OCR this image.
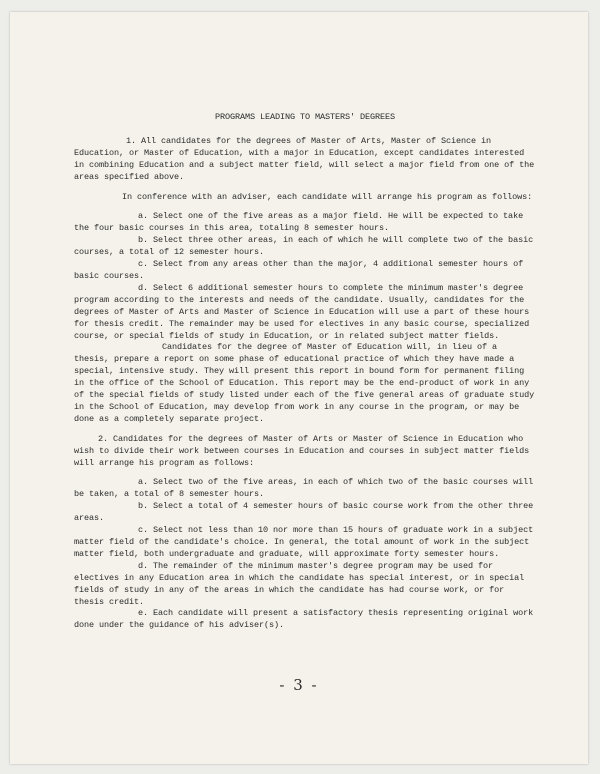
PROGRAMS LEADING TO MASTERS' DEGREES

1. All candidates for the degrees of Master of Arts, Master of Science in Education, or Master of Education, with a major in Education, except candidates interested in combining Education and a subject matter field, will select a major field from one of the areas specified above.

In conference with an adviser, each candidate will arrange his program as follows:

a. Select one of the five areas as a major field. He will be expected to take the four basic courses in this area, totaling 8 semester hours.

b. Select three other areas, in each of which he will complete two of the basic courses, a total of 12 semester hours.

c. Select from any areas other than the major, 4 additional semester hours of basic courses.

d. Select 6 additional semester hours to complete the minimum master's degree program according to the interests and needs of the candidate. Usually, candidates for the degrees of Master of Arts and Master of Science in Education will use a part of these hours for thesis credit. The remainder may be used for electives in any basic course, specialized course, or special fields of study in Education, or in related subject matter fields.

Candidates for the degree of Master of Education will, in lieu of a thesis, prepare a report on some phase of educational practice of which they have made a special, intensive study. They will present this report in bound form for permanent filing in the office of the School of Education. This report may be the end-product of work in any of the special fields of study listed under each of the five general areas of graduate study in the School of Education, may develop from work in any course in the program, or may be done as a completely separate project.

2. Candidates for the degrees of Master of Arts or Master of Science in Education who wish to divide their work between courses in Education and courses in subject matter fields will arrange his program as follows:

a. Select two of the five areas, in each of which two of the basic courses will be taken, a total of 8 semester hours.

b. Select a total of 4 semester hours of basic course work from the other three areas.

c. Select not less than 10 nor more than 15 hours of graduate work in a subject matter field of the candidate's choice. In general, the total amount of work in the subject matter field, both undergraduate and graduate, will approximate forty semester hours.

d. The remainder of the minimum master's degree program may be used for electives in any Education area in which the candidate has special interest, or in special fields of study in any of the areas in which the candidate has had course work, or for thesis credit.

e. Each candidate will present a satisfactory thesis representing original work done under the guidance of his adviser(s).

- 3 -
